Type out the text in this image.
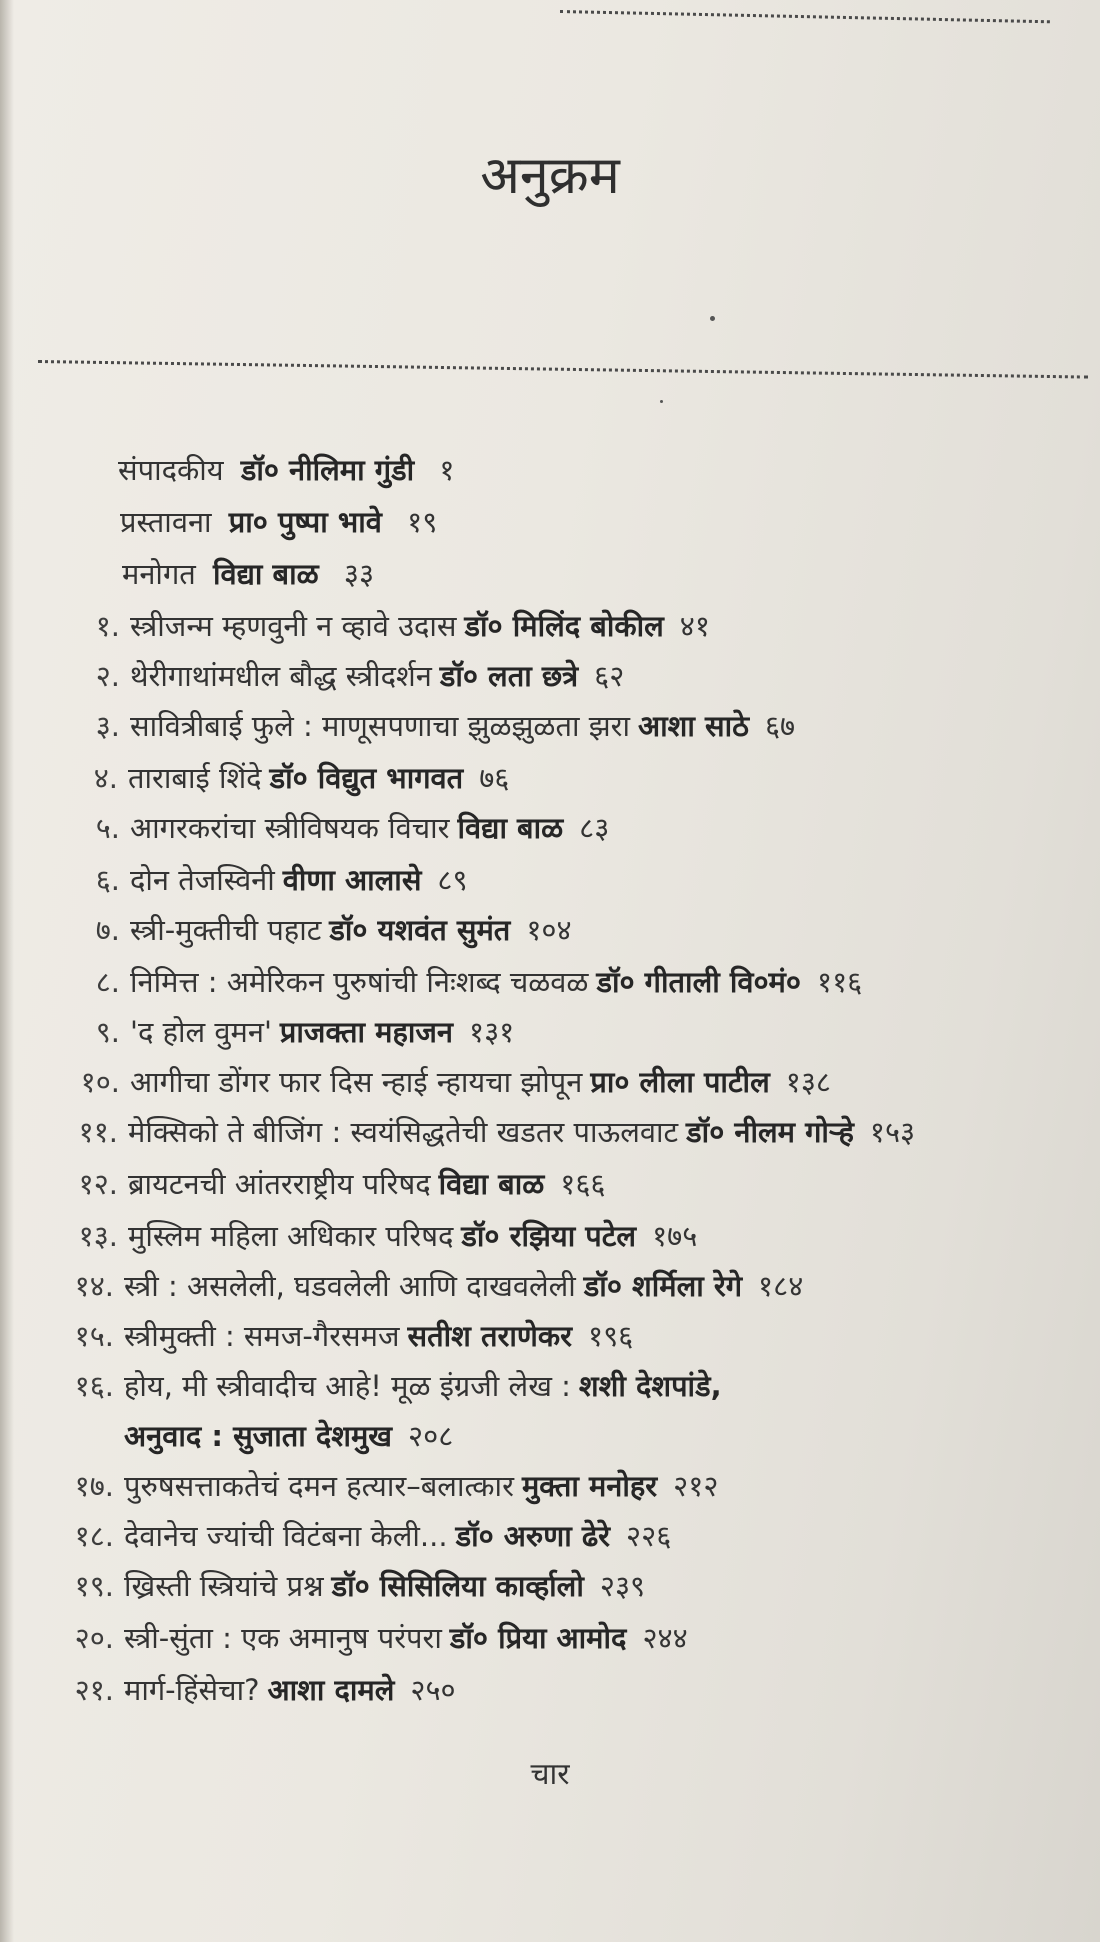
अनुक्रम
संपादकीय डॉ० नीलिमा गुंडी १
प्रस्तावना प्रा० पुष्पा भावे १९
मनोगत विद्या बाळ ३३
१. स्त्रीजन्म म्हणवुनी न व्हावे उदास डॉ० मिलिंद बोकील ४१
२. थेरीगाथांमधील बौद्ध स्त्रीदर्शन डॉ० लता छत्रे ६२
३. सावित्रीबाई फुले : माणूसपणाचा झुळझुळता झरा आशा साठे ६७
४. ताराबाई शिंदे डॉ० विद्युत भागवत ७६
५. आगरकरांचा स्त्रीविषयक विचार विद्या बाळ ८३
६. दोन तेजस्विनी वीणा आलासे ८९
७. स्त्री-मुक्तीची पहाट डॉ० यशवंत सुमंत १०४
८. निमित्त : अमेरिकन पुरुषांची निःशब्द चळवळ डॉ० गीताली वि०मं० ११६
९. 'द होल वुमन' प्राजक्ता महाजन १३१
१०. आगीचा डोंगर फार दिस न्हाई न्हायचा झोपून प्रा० लीला पाटील १३८
११. मेक्सिको ते बीजिंग : स्वयंसिद्धतेची खडतर पाऊलवाट डॉ० नीलम गोऱ्हे १५३
१२. ब्रायटनची आंतरराष्ट्रीय परिषद विद्या बाळ १६६
१३. मुस्लिम महिला अधिकार परिषद डॉ० रझिया पटेल १७५
१४. स्त्री : असलेली, घडवलेली आणि दाखवलेली डॉ० शर्मिला रेगे १८४
१५. स्त्रीमुक्ती : समज-गैरसमज सतीश तराणेकर १९६
१६. होय, मी स्त्रीवादीच आहे! मूळ इंग्रजी लेख : शशी देशपांडे,
अनुवाद : सुजाता देशमुख २०८
१७. पुरुषसत्ताकतेचं दमन हत्यार–बलात्कार मुक्ता मनोहर २१२
१८. देवानेच ज्यांची विटंबना केली... डॉ० अरुणा ढेरे २२६
१९. ख्रिस्ती स्त्रियांचे प्रश्न डॉ० सिसिलिया कार्व्हालो २३९
२०. स्त्री-सुंता : एक अमानुष परंपरा डॉ० प्रिया आमोद २४४
२१. मार्ग-हिंसेचा? आशा दामले २५०
चार
